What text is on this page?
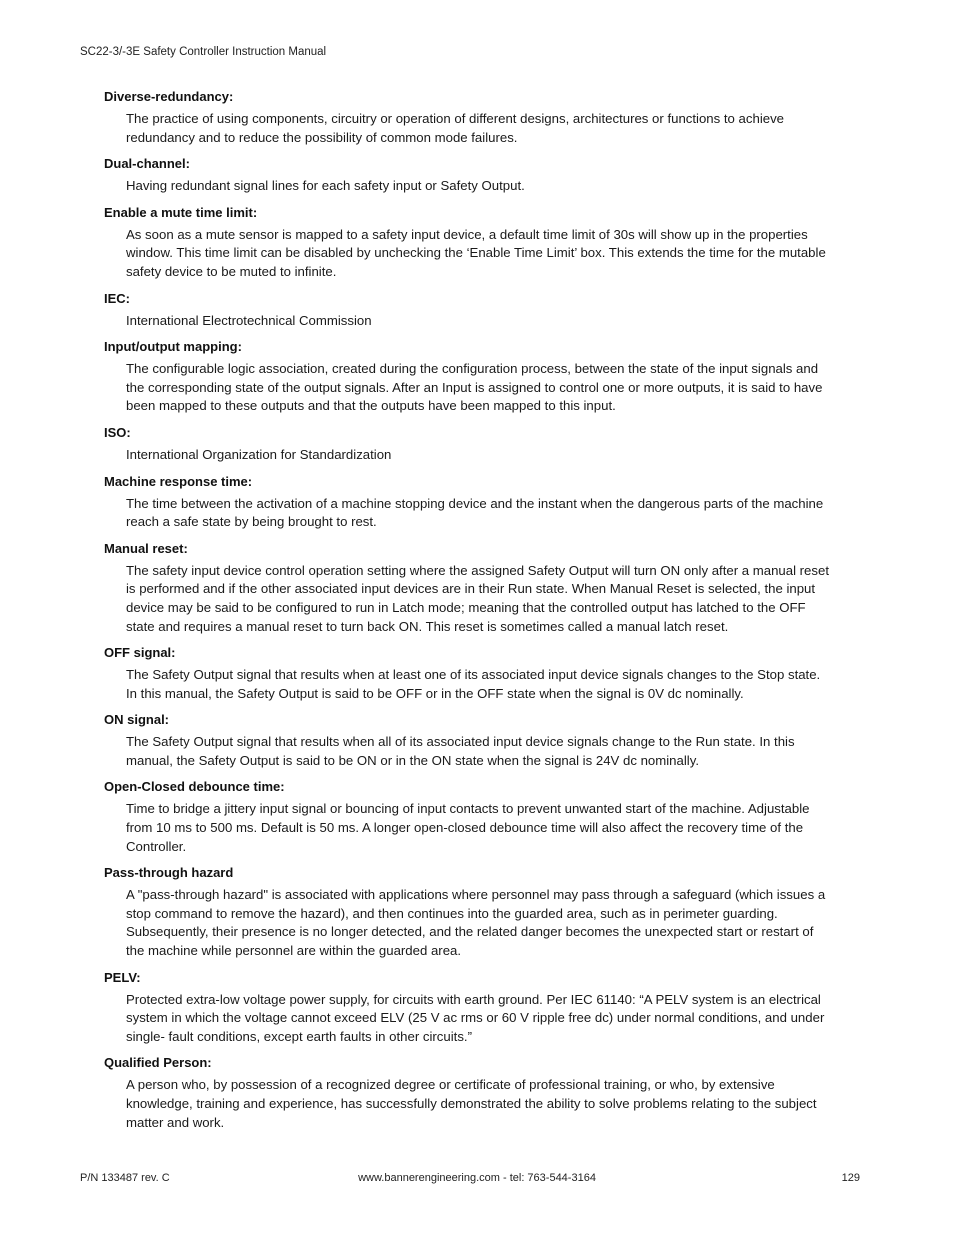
SC22-3/-3E Safety Controller Instruction Manual

Diverse-redundancy:

The practice of using components, circuitry or operation of different designs, architectures or functions to achieve redundancy and to reduce the possibility of common mode failures.

Dual-channel:

Having redundant signal lines for each safety input or Safety Output.

Enable a mute time limit:

As soon as a mute sensor is mapped to a safety input device, a default time limit of 30s will show up in the properties window. This time limit can be disabled by unchecking the ‘Enable Time Limit’ box. This extends the time for the mutable safety device to be muted to infinite.

IEC:

International Electrotechnical Commission

Input/output mapping:

The configurable logic association, created during the configuration process, between the state of the input signals and the corresponding state of the output signals. After an Input is assigned to control one or more outputs, it is said to have been mapped to these outputs and that the outputs have been mapped to this input.

ISO:

International Organization for Standardization

Machine response time:

The time between the activation of a machine stopping device and the instant when the dangerous parts of the machine reach a safe state by being brought to rest.

Manual reset:

The safety input device control operation setting where the assigned Safety Output will turn ON only after a manual reset is performed and if the other associated input devices are in their Run state. When Manual Reset is selected, the input device may be said to be configured to run in Latch mode; meaning that the controlled output has latched to the OFF state and requires a manual reset to turn back ON. This reset is sometimes called a manual latch reset.

OFF signal:

The Safety Output signal that results when at least one of its associated input device signals changes to the Stop state. In this manual, the Safety Output is said to be OFF or in the OFF state when the signal is 0V dc nominally.

ON signal:

The Safety Output signal that results when all of its associated input device signals change to the Run state. In this manual, the Safety Output is said to be ON or in the ON state when the signal is 24V dc nominally.

Open-Closed debounce time:

Time to bridge a jittery input signal or bouncing of input contacts to prevent unwanted start of the machine. Adjustable from 10 ms to 500 ms. Default is 50 ms. A longer open-closed debounce time will also affect the recovery time of the Controller.

Pass-through hazard

A "pass-through hazard" is associated with applications where personnel may pass through a safeguard (which issues a stop command to remove the hazard), and then continues into the guarded area, such as in perimeter guarding. Subsequently, their presence is no longer detected, and the related danger becomes the unexpected start or restart of the machine while personnel are within the guarded area.

PELV:

Protected extra-low voltage power supply, for circuits with earth ground. Per IEC 61140: “A PELV system is an electrical system in which the voltage cannot exceed ELV (25 V ac rms or 60 V ripple free dc) under normal conditions, and under single- fault conditions, except earth faults in other circuits.”

Qualified Person:

A person who, by possession of a recognized degree or certificate of professional training, or who, by extensive knowledge, training and experience, has successfully demonstrated the ability to solve problems relating to the subject matter and work.

P/N 133487 rev. C	www.bannerengineering.com - tel: 763-544-3164	129
